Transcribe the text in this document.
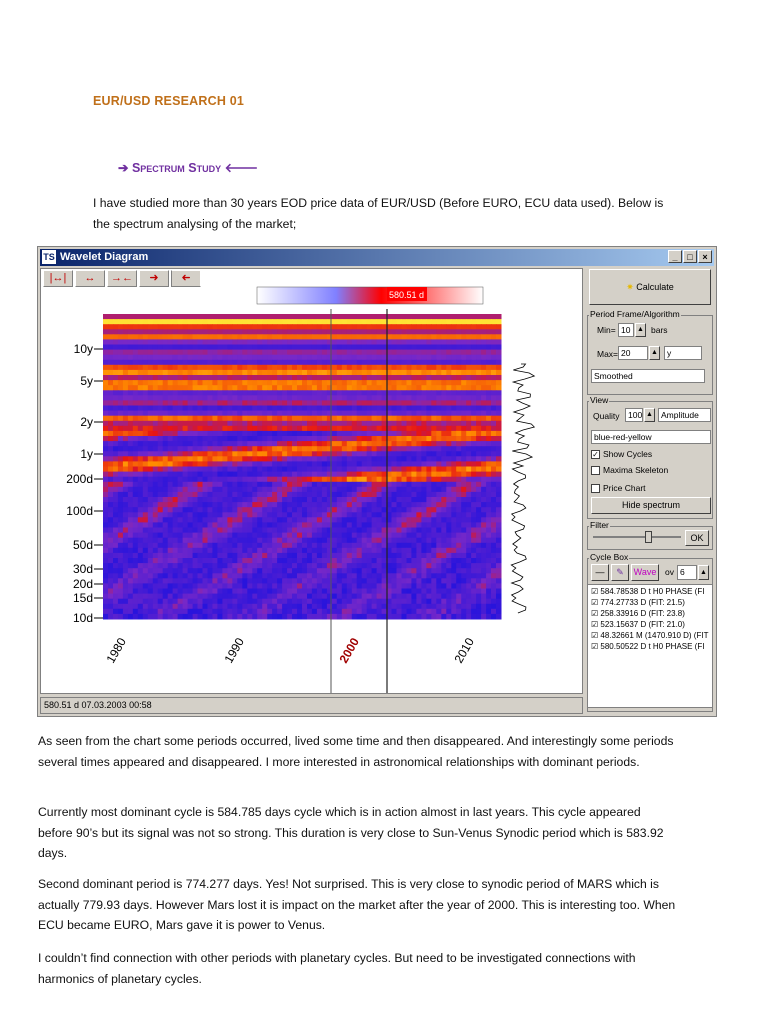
EUR/USD RESEARCH 01
➔ Spectrum Study 🡐
I have studied more than 30 years EOD price data of EUR/USD (Before EURO, ECU data used). Below is the spectrum analysing of the market;
TS Wavelet Diagram	_	□	×
10y
5y
2y
1y
200d
100d
50d
30d
20d
15d
10d
1980	1990	2000	2010
580.51 d
|↔|	↔	→←	➜	➜
580.51 d 07.03.2003 00:58
✷ Calculate
Period Frame/Algorithm
Min= 10 ▲ bars
Max= 20	▲	y
Smoothed
View
Quality	100 ▲ Amplitude
blue-red-yellow
✓ Show Cycles
Maxima Skeleton
Price Chart
Hide spectrum
Filter
OK
Cycle Box
—	✎	Wave	ov 6	▲
☑ 584.78538 D t H0 PHASE (FI
☑ 774.27733 D (FIT: 21.5)
☑ 258.33916 D (FIT: 23.8)
☑ 523.15637 D (FIT: 21.0)
☑ 48.32661 M (1470.910 D) (FIT
☑ 580.50522 D t H0 PHASE (FI
As seen from the chart some periods occurred, lived some time and then disappeared. And interestingly some periods several times appeared and disappeared. I more interested in astronomical relationships with dominant periods.
Currently most dominant cycle is 584.785 days cycle which is in action almost in last years. This cycle appeared before 90’s but its signal was not so strong. This duration is very close to Sun-Venus Synodic period which is 583.92 days.
Second dominant period is 774.277 days. Yes! Not surprised. This is very close to synodic period of MARS which is actually 779.93 days. However Mars lost it is impact on the market after the year of 2000. This is interesting too. When ECU became EURO, Mars gave it is power to Venus.
I couldn’t find connection with other periods with planetary cycles. But need to be investigated connections with harmonics of planetary cycles.
